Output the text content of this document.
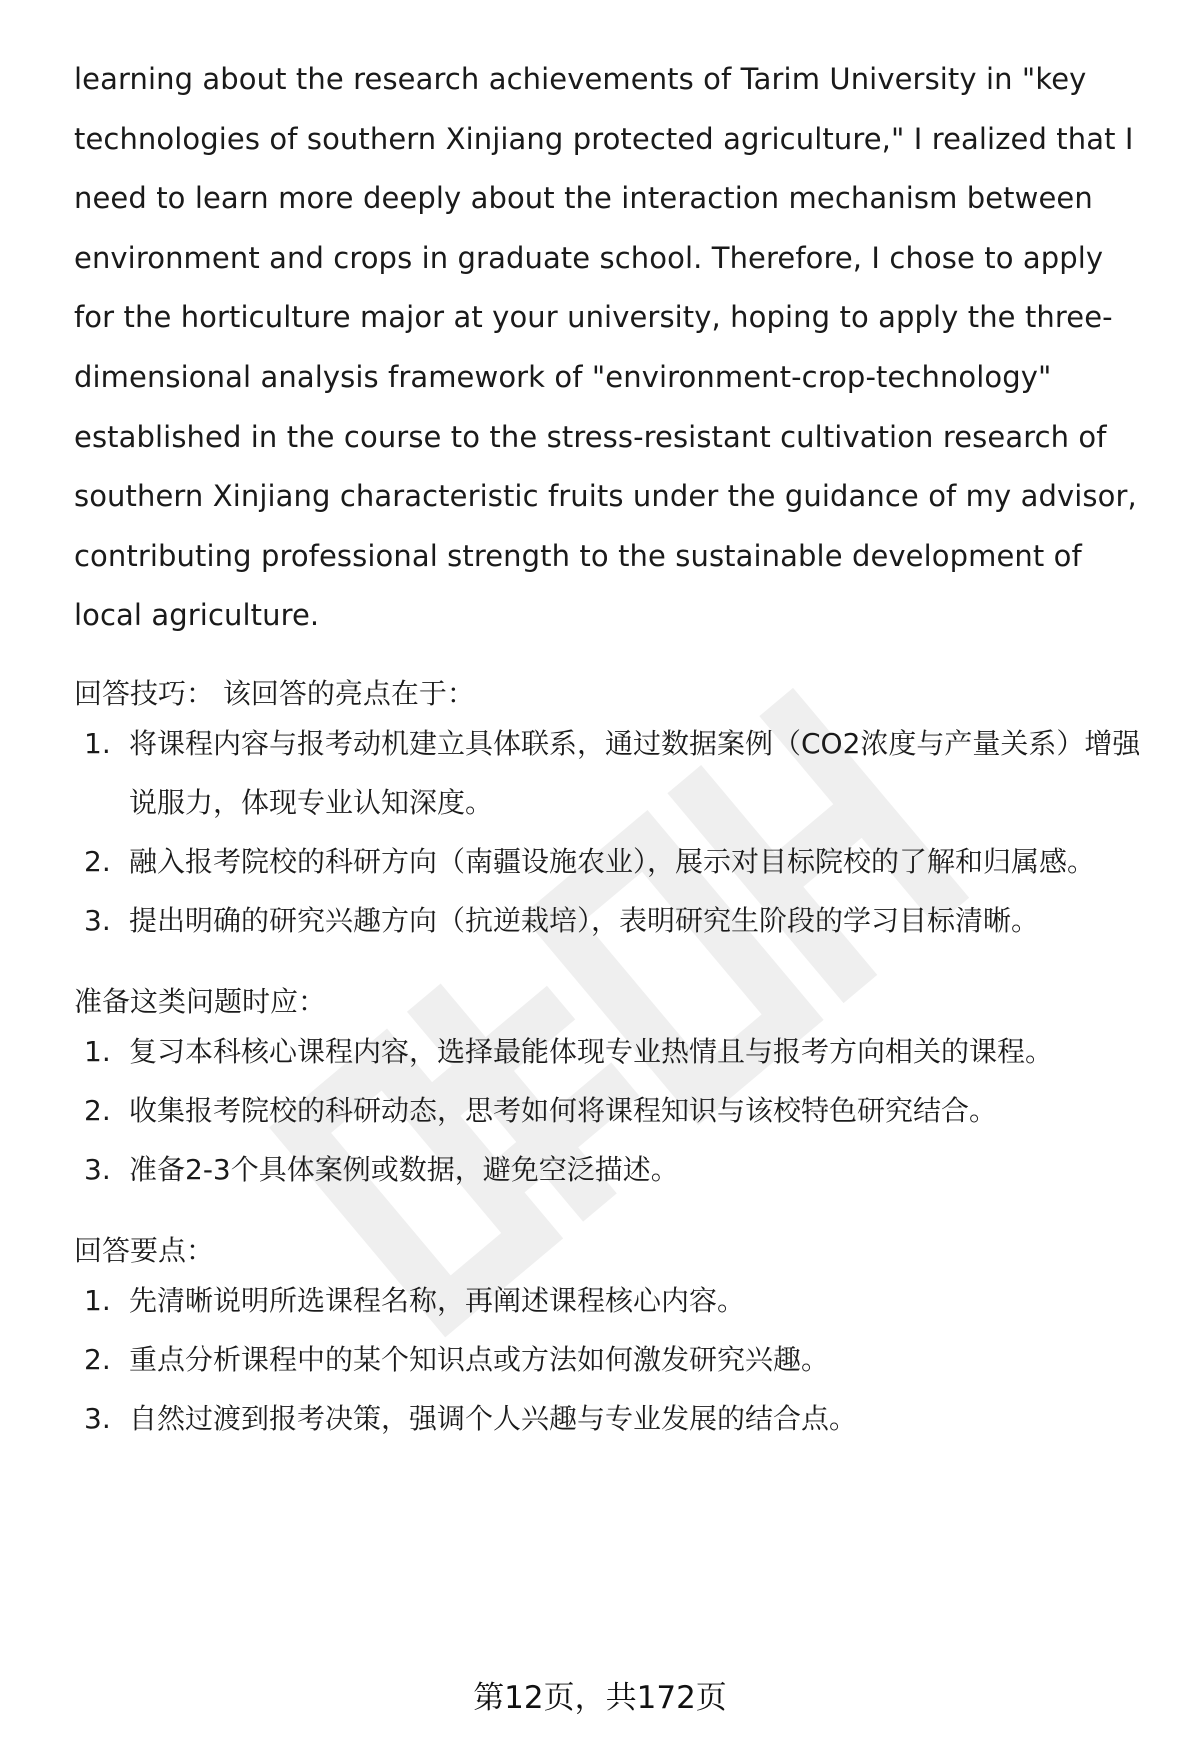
learning about the research achievements of Tarim University in "key technologies of southern Xinjiang protected agriculture," I realized that I need to learn more deeply about the interaction mechanism between environment and crops in graduate school. Therefore, I chose to apply for the horticulture major at your university, hoping to apply the three-dimensional analysis framework of "environment-crop-technology" established in the course to the stress-resistant cultivation research of southern Xinjiang characteristic fruits under the guidance of my advisor, contributing professional strength to the sustainable development of local agriculture.

回答技巧： 该回答的亮点在于：

1. 将课程内容与报考动机建立具体联系，通过数据案例（CO2浓度与产量关系）增强说服力，体现专业认知深度。
2. 融入报考院校的科研方向（南疆设施农业），展示对目标院校的了解和归属感。
3. 提出明确的研究兴趣方向（抗逆栽培），表明研究生阶段的学习目标清晰。

准备这类问题时应：

1. 复习本科核心课程内容，选择最能体现专业热情且与报考方向相关的课程。
2. 收集报考院校的科研动态，思考如何将课程知识与该校特色研究结合。
3. 准备2-3个具体案例或数据，避免空泛描述。

回答要点：

1. 先清晰说明所选课程名称，再阐述课程核心内容。
2. 重点分析课程中的某个知识点或方法如何激发研究兴趣。
3. 自然过渡到报考决策，强调个人兴趣与专业发展的结合点。
第12页，共172页
